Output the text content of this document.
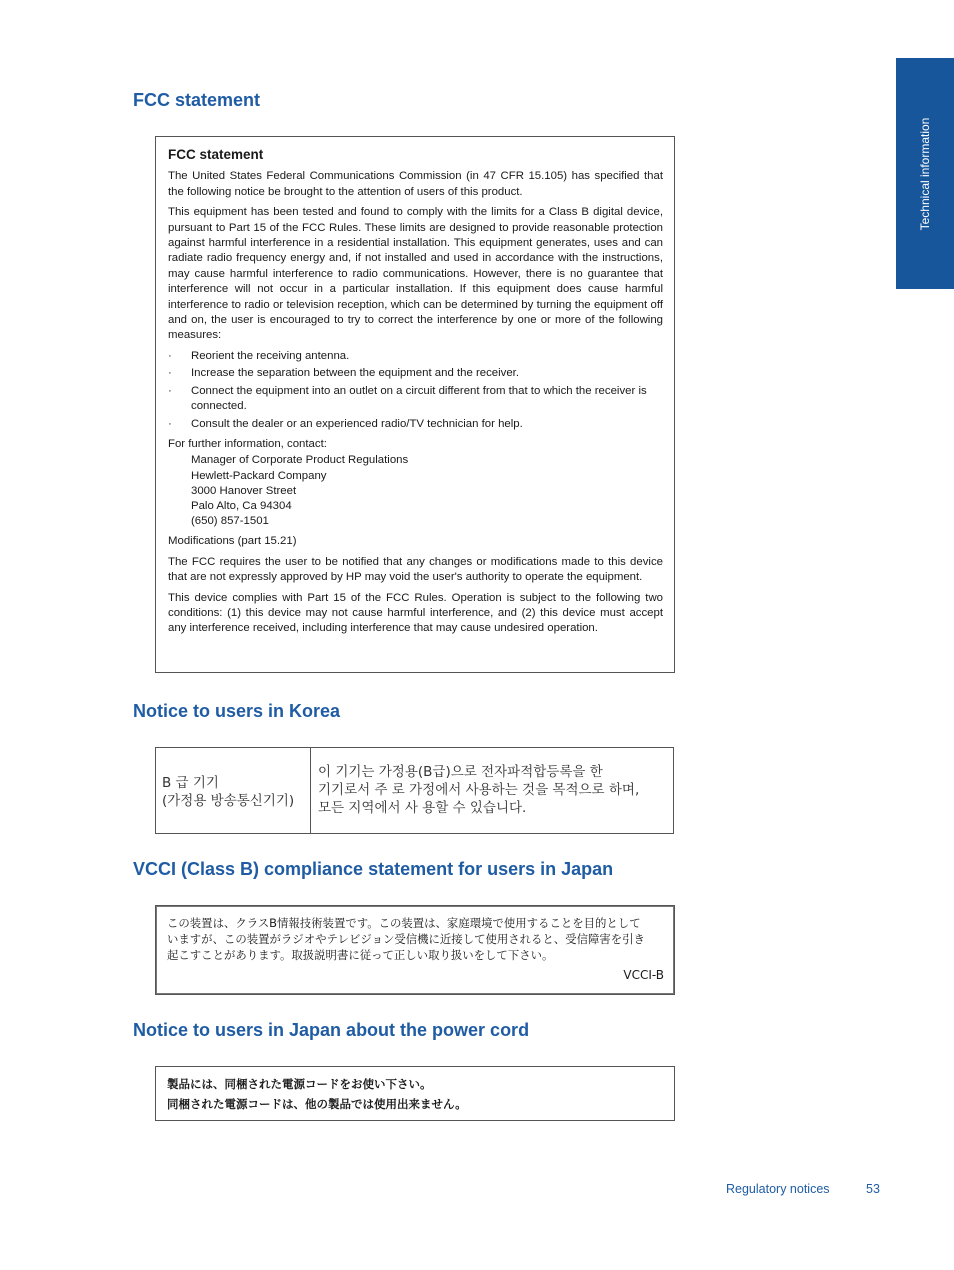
Technical information
FCC statement
FCC statement

The United States Federal Communications Commission (in 47 CFR 15.105) has specified that the following notice be brought to the attention of users of this product.

This equipment has been tested and found to comply with the limits for a Class B digital device, pursuant to Part 15 of the FCC Rules. These limits are designed to provide reasonable protection against harmful interference in a residential installation. This equipment generates, uses and can radiate radio frequency energy and, if not installed and used in accordance with the instructions, may cause harmful interference to radio communications. However, there is no guarantee that interference will not occur in a particular installation. If this equipment does cause harmful interference to radio or television reception, which can be determined by turning the equipment off and on, the user is encouraged to try to correct the interference by one or more of the following measures:

· Reorient the receiving antenna.
· Increase the separation between the equipment and the receiver.
· Connect the equipment into an outlet on a circuit different from that to which the receiver is connected.
· Consult the dealer or an experienced radio/TV technician for help.

For further information, contact:

Manager of Corporate Product Regulations
Hewlett-Packard Company
3000 Hanover Street
Palo Alto, Ca 94304
(650) 857-1501

Modifications (part 15.21)

The FCC requires the user to be notified that any changes or modifications made to this device that are not expressly approved by HP may void the user's authority to operate the equipment.

This device complies with Part 15 of the FCC Rules. Operation is subject to the following two conditions: (1) this device may not cause harmful interference, and (2) this device must accept any interference received, including interference that may cause undesired operation.

Notice to users in Korea
B 급 기기
(가정용 방송통신기기)
이 기기는 가정용(B급)으로 전자파적합등록을 한
기기로서 주 로 가정에서 사용하는 것을 목적으로 하며,
모든 지역에서 사 용할 수 있습니다.
VCCI (Class B) compliance statement for users in Japan
この装置は、クラスB情報技術装置です。この装置は、家庭環境で使用することを目的として
いますが、この装置がラジオやテレビジョン受信機に近接して使用されると、受信障害を引き
起こすことがあります。取扱説明書に従って正しい取り扱いをして下さい。
VCCI-B
Notice to users in Japan about the power cord
製品には、同梱された電源コードをお使い下さい。
同梱された電源コードは、他の製品では使用出来ません。
Regulatory notices	53
